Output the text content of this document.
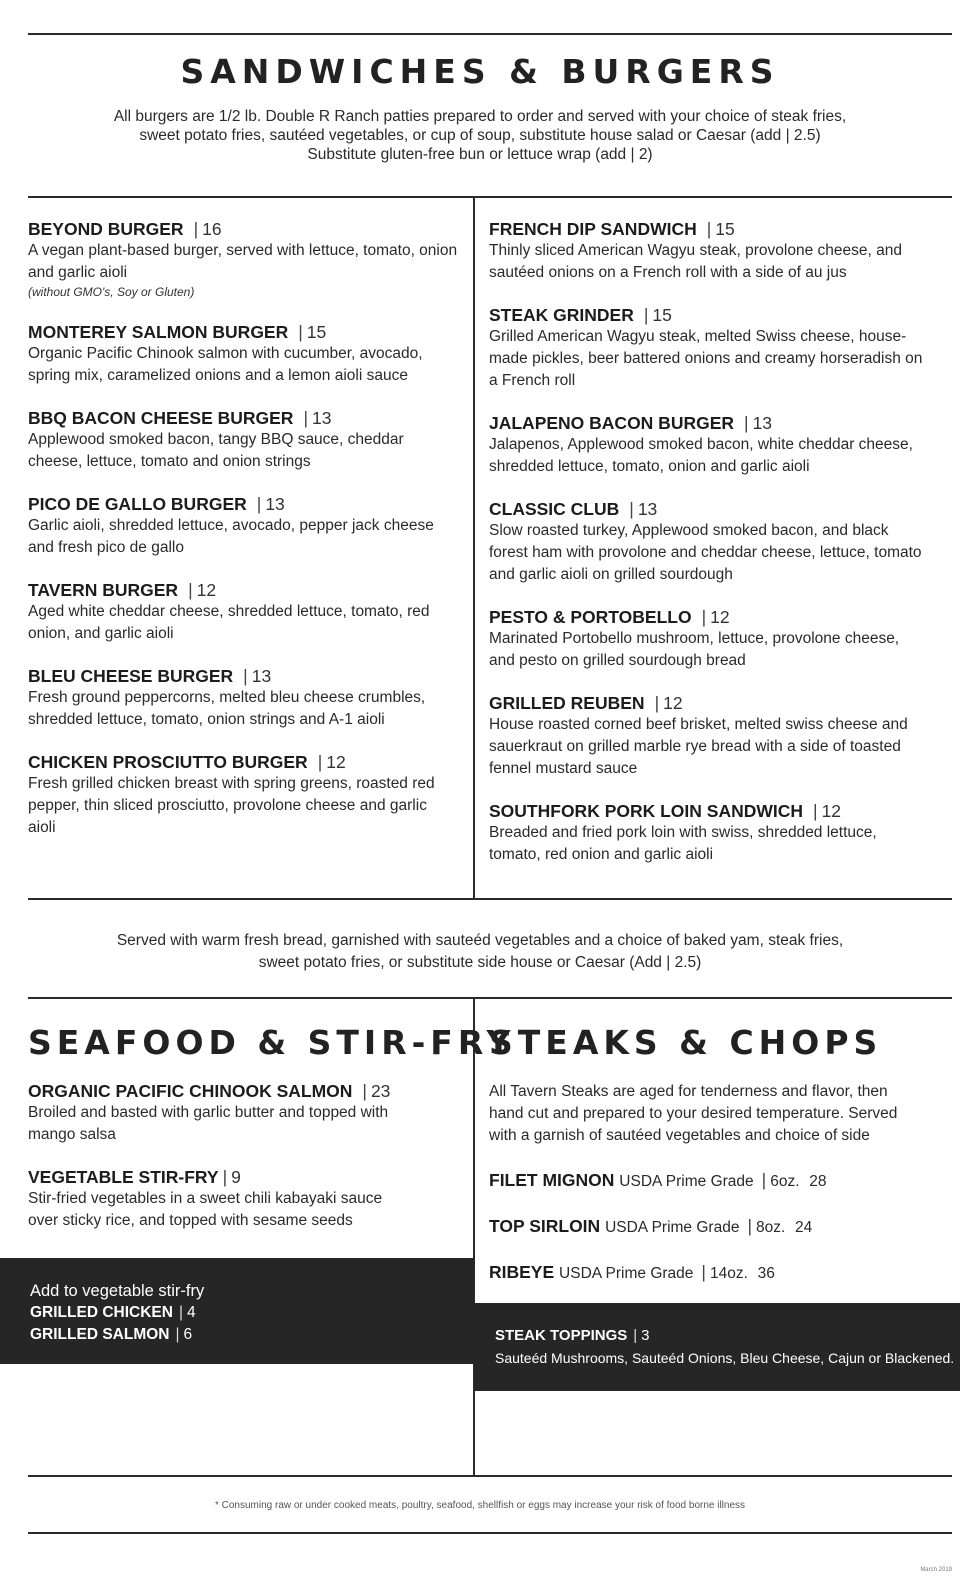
SANDWICHES & BURGERS
All burgers are 1/2 lb. Double R Ranch patties prepared to order and served with your choice of steak fries,
sweet potato fries, sautéed vegetables, or cup of soup, substitute house salad or Caesar (add | 2.5)
Substitute gluten-free bun or lettuce wrap (add | 2)
BEYOND BURGER | 16
A vegan plant-based burger, served with lettuce, tomato, onion and garlic aioli
(without GMO's, Soy or Gluten)
MONTEREY SALMON BURGER | 15
Organic Pacific Chinook salmon with cucumber, avocado, spring mix, caramelized onions and a lemon aioli sauce
BBQ BACON CHEESE BURGER | 13
Applewood smoked bacon, tangy BBQ sauce, cheddar cheese, lettuce, tomato and onion strings
PICO DE GALLO BURGER | 13
Garlic aioli, shredded lettuce, avocado, pepper jack cheese and fresh pico de gallo
TAVERN BURGER | 12
Aged white cheddar cheese, shredded lettuce, tomato, red onion, and garlic aioli
BLEU CHEESE BURGER | 13
Fresh ground peppercorns, melted bleu cheese crumbles, shredded lettuce, tomato, onion strings and A-1 aioli
CHICKEN PROSCIUTTO BURGER | 12
Fresh grilled chicken breast with spring greens, roasted red pepper, thin sliced prosciutto, provolone cheese and garlic aioli
FRENCH DIP SANDWICH | 15
Thinly sliced American Wagyu steak, provolone cheese, and sautéed onions on a French roll with a side of au jus
STEAK GRINDER | 15
Grilled American Wagyu steak, melted Swiss cheese, house-made pickles, beer battered onions and creamy horseradish on a French roll
JALAPENO BACON BURGER | 13
Jalapenos, Applewood smoked bacon, white cheddar cheese, shredded lettuce, tomato, onion and garlic aioli
CLASSIC CLUB | 13
Slow roasted turkey, Applewood smoked bacon, and black forest ham with provolone and cheddar cheese, lettuce, tomato and garlic aioli on grilled sourdough
PESTO & PORTOBELLO | 12
Marinated Portobello mushroom, lettuce, provolone cheese, and pesto on grilled sourdough bread
GRILLED REUBEN | 12
House roasted corned beef brisket, melted swiss cheese and sauerkraut on grilled marble rye bread with a side of toasted fennel mustard sauce
SOUTHFORK PORK LOIN SANDWICH | 12
Breaded and fried pork loin with swiss, shredded lettuce, tomato, red onion and garlic aioli
Served with warm fresh bread, garnished with sauteéd vegetables and a choice of baked yam, steak fries,
sweet potato fries, or substitute side house or Caesar (Add | 2.5)
SEAFOOD & STIR-FRY
ORGANIC PACIFIC CHINOOK SALMON | 23
Broiled and basted with garlic butter and topped with mango salsa
VEGETABLE STIR-FRY | 9
Stir-fried vegetables in a sweet chili kabayaki sauce over sticky rice, and topped with sesame seeds
Add to vegetable stir-fry
GRILLED CHICKEN | 4
GRILLED SALMON | 6
STEAKS & CHOPS
All Tavern Steaks are aged for tenderness and flavor, then hand cut and prepared to your desired temperature. Served with a garnish of sautéed vegetables and choice of side
FILET MIGNON USDA Prime Grade | 6oz. 28
TOP SIRLOIN USDA Prime Grade | 8oz. 24
RIBEYE USDA Prime Grade | 14oz. 36
STEAK TOPPINGS | 3
Sauteéd Mushrooms, Sauteéd Onions, Bleu Cheese, Cajun or Blackened.
* Consuming raw or under cooked meats, poultry, seafood, shellfish or eggs may increase your risk of food borne illness
March 2019
